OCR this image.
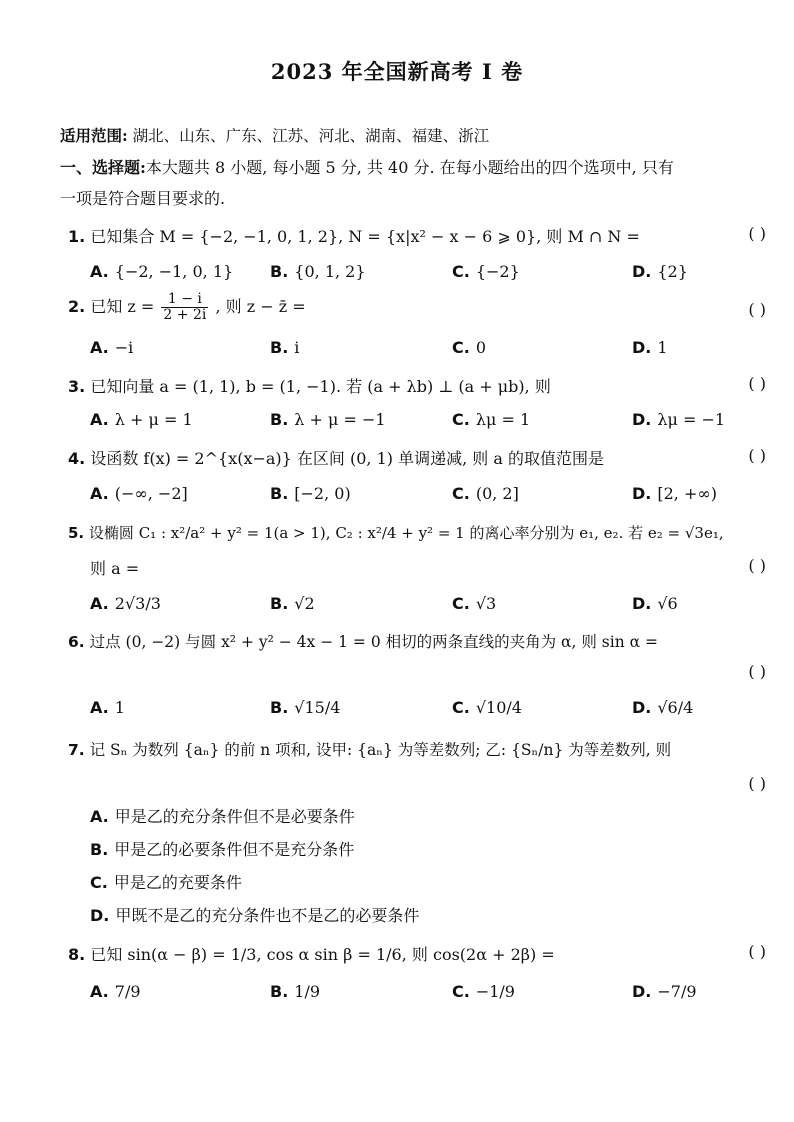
2023 年全国新高考 I 卷
适用范围: 湖北、山东、广东、江苏、河北、湖南、福建、浙江
一、选择题:本大题共 8 小题, 每小题 5 分, 共 40 分. 在每小题给出的四个选项中, 只有
一项是符合题目要求的.
1. 已知集合 M = {−2, −1, 0, 1, 2}, N = {x|x² − x − 6 ⩾ 0}, 则 M ∩ N =	( )
A. {−2, −1, 0, 1} B. {0, 1, 2}	C. {−2}	D. {2}
2. 已知 $z = \frac{1 - i}{2 + 2i}$ , 则 z − z̄ =	( )
A. −i	B. i	C. 0	D. 1
3. 已知向量 a = (1, 1), b = (1, −1). 若 (a + λb) ⊥ (a + μb), 则	( )
A. λ + μ = 1	B. λ + μ = −1	C. λμ = 1	D. λμ = −1
4. 设函数 f(x) = 2^{x(x−a)} 在区间 (0, 1) 单调递减, 则 a 的取值范围是	( )
A. (−∞, −2]	B. [−2, 0)	C. (0, 2]	D. [2, +∞)
5. 设椭圆 C₁ : x²/a² + y² = 1(a > 1), C₂ : x²/4 + y² = 1 的离心率分别为 e₁, e₂. 若 e₂ = √3e₁,
则 a =	( )
A. 2√3/3	B. √2	C. √3	D. √6
6. 过点 (0, −2) 与圆 x² + y² − 4x − 1 = 0 相切的两条直线的夹角为 α, 则 sin α =
( )
A. 1	B. √15/4	C. √10/4	D. √6/4
7. 记 Sₙ 为数列 {aₙ} 的前 n 项和, 设甲: {aₙ} 为等差数列; 乙: {Sₙ/n} 为等差数列, 则
( )
A. 甲是乙的充分条件但不是必要条件
B. 甲是乙的必要条件但不是充分条件
C. 甲是乙的充要条件
D. 甲既不是乙的充分条件也不是乙的必要条件
8. 已知 sin(α − β) = 1/3, cos α sin β = 1/6, 则 cos(2α + 2β) =	( )
A. 7/9	B. 1/9	C. −1/9	D. −7/9
